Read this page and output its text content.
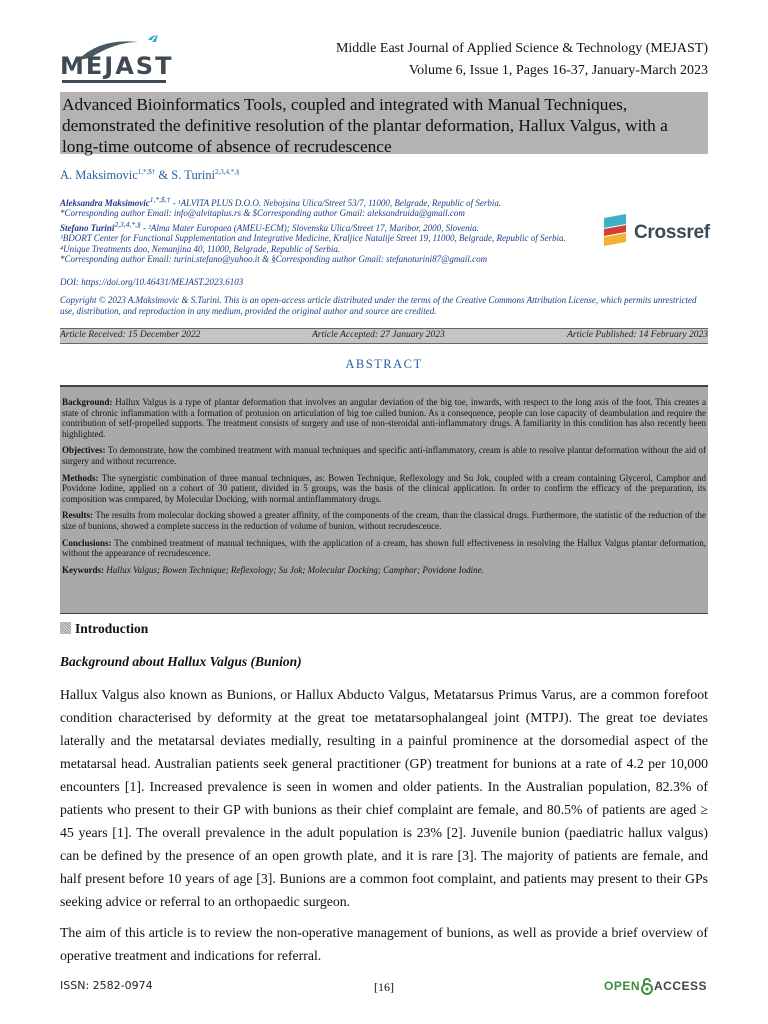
MEJAST
Middle East Journal of Applied Science & Technology (MEJAST)
Volume 6, Issue 1, Pages 16-37, January-March 2023
Advanced Bioinformatics Tools, coupled and integrated with Manual Techniques, demonstrated the definitive resolution of the plantar deformation, Hallux Valgus, with a long-time outcome of absence of recrudescence
A. Maksimovic$^{1,*,\$\dagger}$ & S. Turini$^{2,3,4,*,\S}$
Aleksandra Maksimovic$^{1,*,\$,\dagger}$ - ¹ALVITA PLUS D.O.O. Nebojsina Ulica/Street 53/7, 11000, Belgrade, Republic of Serbia.
*Corresponding author Email: info@alvitaplus.rs & $Corresponding author Gmail: aleksandruida@gmail.com
Stefano Turini$^{2,3,4,*,\S}$ - ²Alma Mater Europaea (AMEU-ECM); Slovenska Ulica/Street 17, Maribor, 2000, Slovenia.
³BDORT Center for Functional Supplementation and Integrative Medicine, Kraljice Natalije Street 19, 11000, Belgrade, Republic of Serbia. ⁴Unique Treatments doo, Nemanjina 40, 11000, Belgrade, Republic of Serbia.
*Corresponding author Email: turini.stefano@yahoo.it & §Corresponding author Gmail: stefanoturini87@gmail.com
Crossref
DOI: https://doi.org/10.46431/MEJAST.2023.6103
Copyright © 2023 A.Maksimovic & S.Turini. This is an open-access article distributed under the terms of the Creative Commons Attribution License, which permits unrestricted use, distribution, and reproduction in any medium, provided the original author and source are credited.
Article Received: 15 December 2022	Article Accepted: 27 January 2023	Article Published: 14 February 2023
ABSTRACT

Background: Hallux Valgus is a type of plantar deformation that involves an angular deviation of the big toe, inwards, with respect to the long axis of the foot. This creates a state of chronic inflammation with a formation of protusion on articulation of big toe called bunion. As a consequence, people can lose capacity of deambulation and require the contribution of self-propelled supports. The treatment consists of surgery and use of non-steroidal anti-inflammatory drugs. A familiarity in this condition has also recently been highlighted.

Objectives: To demonstrate, how the combined treatment with manual techniques and specific anti-inflammatory, cream is able to resolve plantar deformation without the aid of surgery and without recurrence.

Methods: The synergistic combination of three manual techniques, as: Bowen Technique, Reflexology and Su Jok, coupled with a cream containing Glycerol, Camphor and Povidone Iodine, applied on a cohort of 30 patient, divided in 5 groups, was the basis of the clinical application. In order to confirm the efficacy of the preparation, its composition was compared, by Molecular Docking, with normal antinflammatory drugs.

Results: The results from molecular docking showed a greater affinity, of the components of the cream, than the classical drugs. Furthermore, the statistic of the reduction of the size of bunions, showed a complete success in the reduction of volume of bunion, without recrudescence.

Conclusions: The combined treatment of manual techniques, with the application of a cream, has shown full effectiveness in resolving the Hallux Valgus plantar deformation, without the appearance of recrudescence.

Keywords: Hallux Valgus; Bowen Technique; Reflexology; Su Jok; Molecular Docking; Camphor; Povidone Iodine.

Introduction
Background about Hallux Valgus (Bunion)
Hallux Valgus also known as Bunions, or Hallux Abducto Valgus, Metatarsus Primus Varus, are a common forefoot condition characterised by deformity at the great toe metatarsophalangeal joint (MTPJ). The great toe deviates laterally and the metatarsal deviates medially, resulting in a painful prominence at the dorsomedial aspect of the metatarsal head. Australian patients seek general practitioner (GP) treatment for bunions at a rate of 4.2 per 10,000 encounters [1]. Increased prevalence is seen in women and older patients. In the Australian population, 82.3% of patients who present to their GP with bunions as their chief complaint are female, and 80.5% of patients are aged ≥ 45 years [1]. The overall prevalence in the adult population is 23% [2]. Juvenile bunion (paediatric hallux valgus) can be defined by the presence of an open growth plate, and it is rare [3]. The majority of patients are female, and half present before 10 years of age [3]. Bunions are a common foot complaint, and patients may present to their GPs seeking advice or referral to an orthopaedic surgeon.
The aim of this article is to review the non-operative management of bunions, as well as provide a brief overview of operative treatment and indications for referral.
ISSN: 2582-0974	[16]	OPEN ACCESS
